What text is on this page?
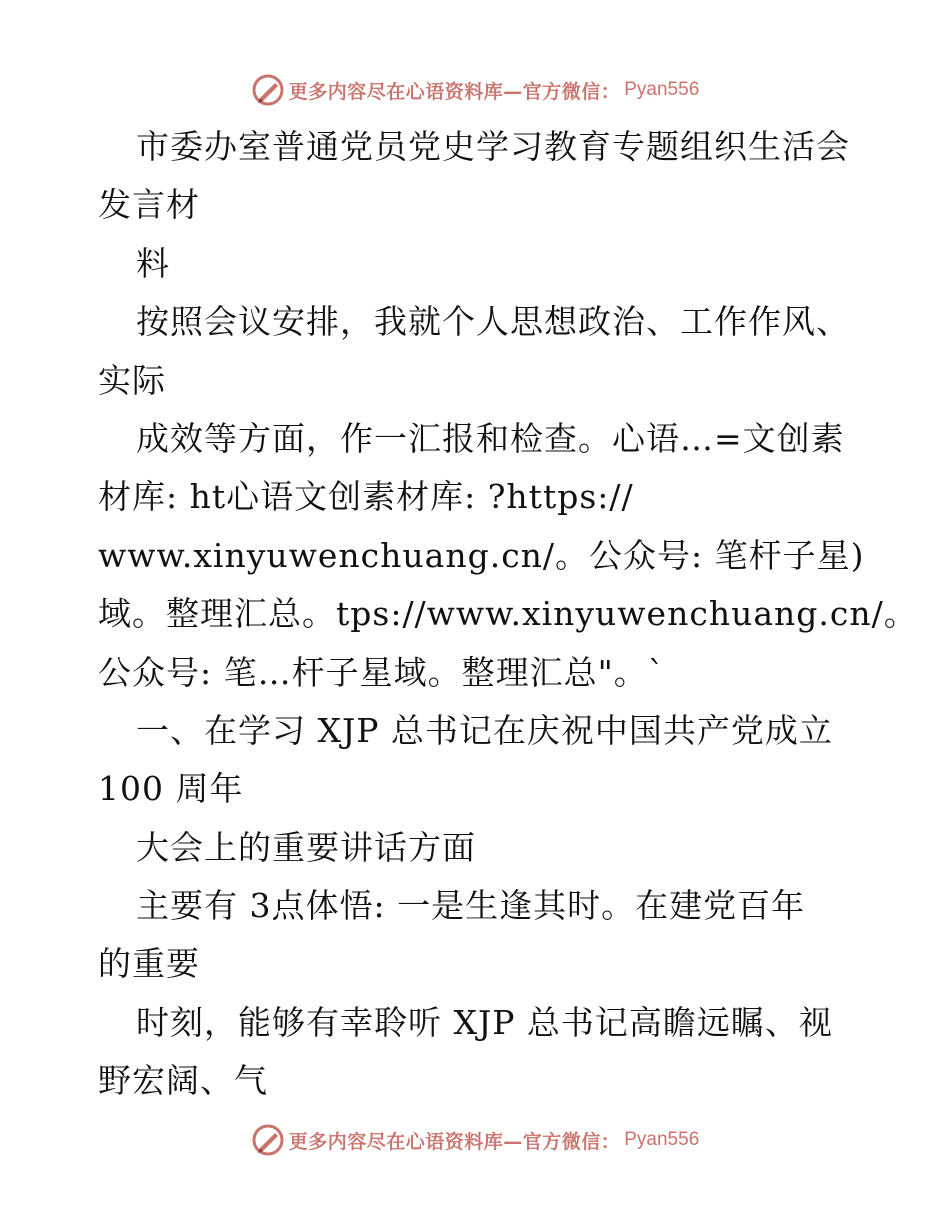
更多内容尽在心语资料库—官方微信： Pyan556
市委办室普通党员党史学习教育专题组织生活会
发言材
料
按照会议安排，我就个人思想政治、工作作风、
实际
成效等方面，作一汇报和检查。心语…=文创素
材库: ht心语文创素材库: ?https://
www.xinyuwenchuang.cn/。公众号: 笔杆子星)
域。整理汇总。tps://www.xinyuwenchuang.cn/。
公众号: 笔…杆子星域。整理汇总"。`
一、在学习 XJP 总书记在庆祝中国共产党成立
100 周年
大会上的重要讲话方面
主要有 3点体悟: 一是生逢其时。在建党百年
的重要
时刻，能够有幸聆听 XJP 总书记高瞻远瞩、视
野宏阔、气
更多内容尽在心语资料库—官方微信： Pyan556
